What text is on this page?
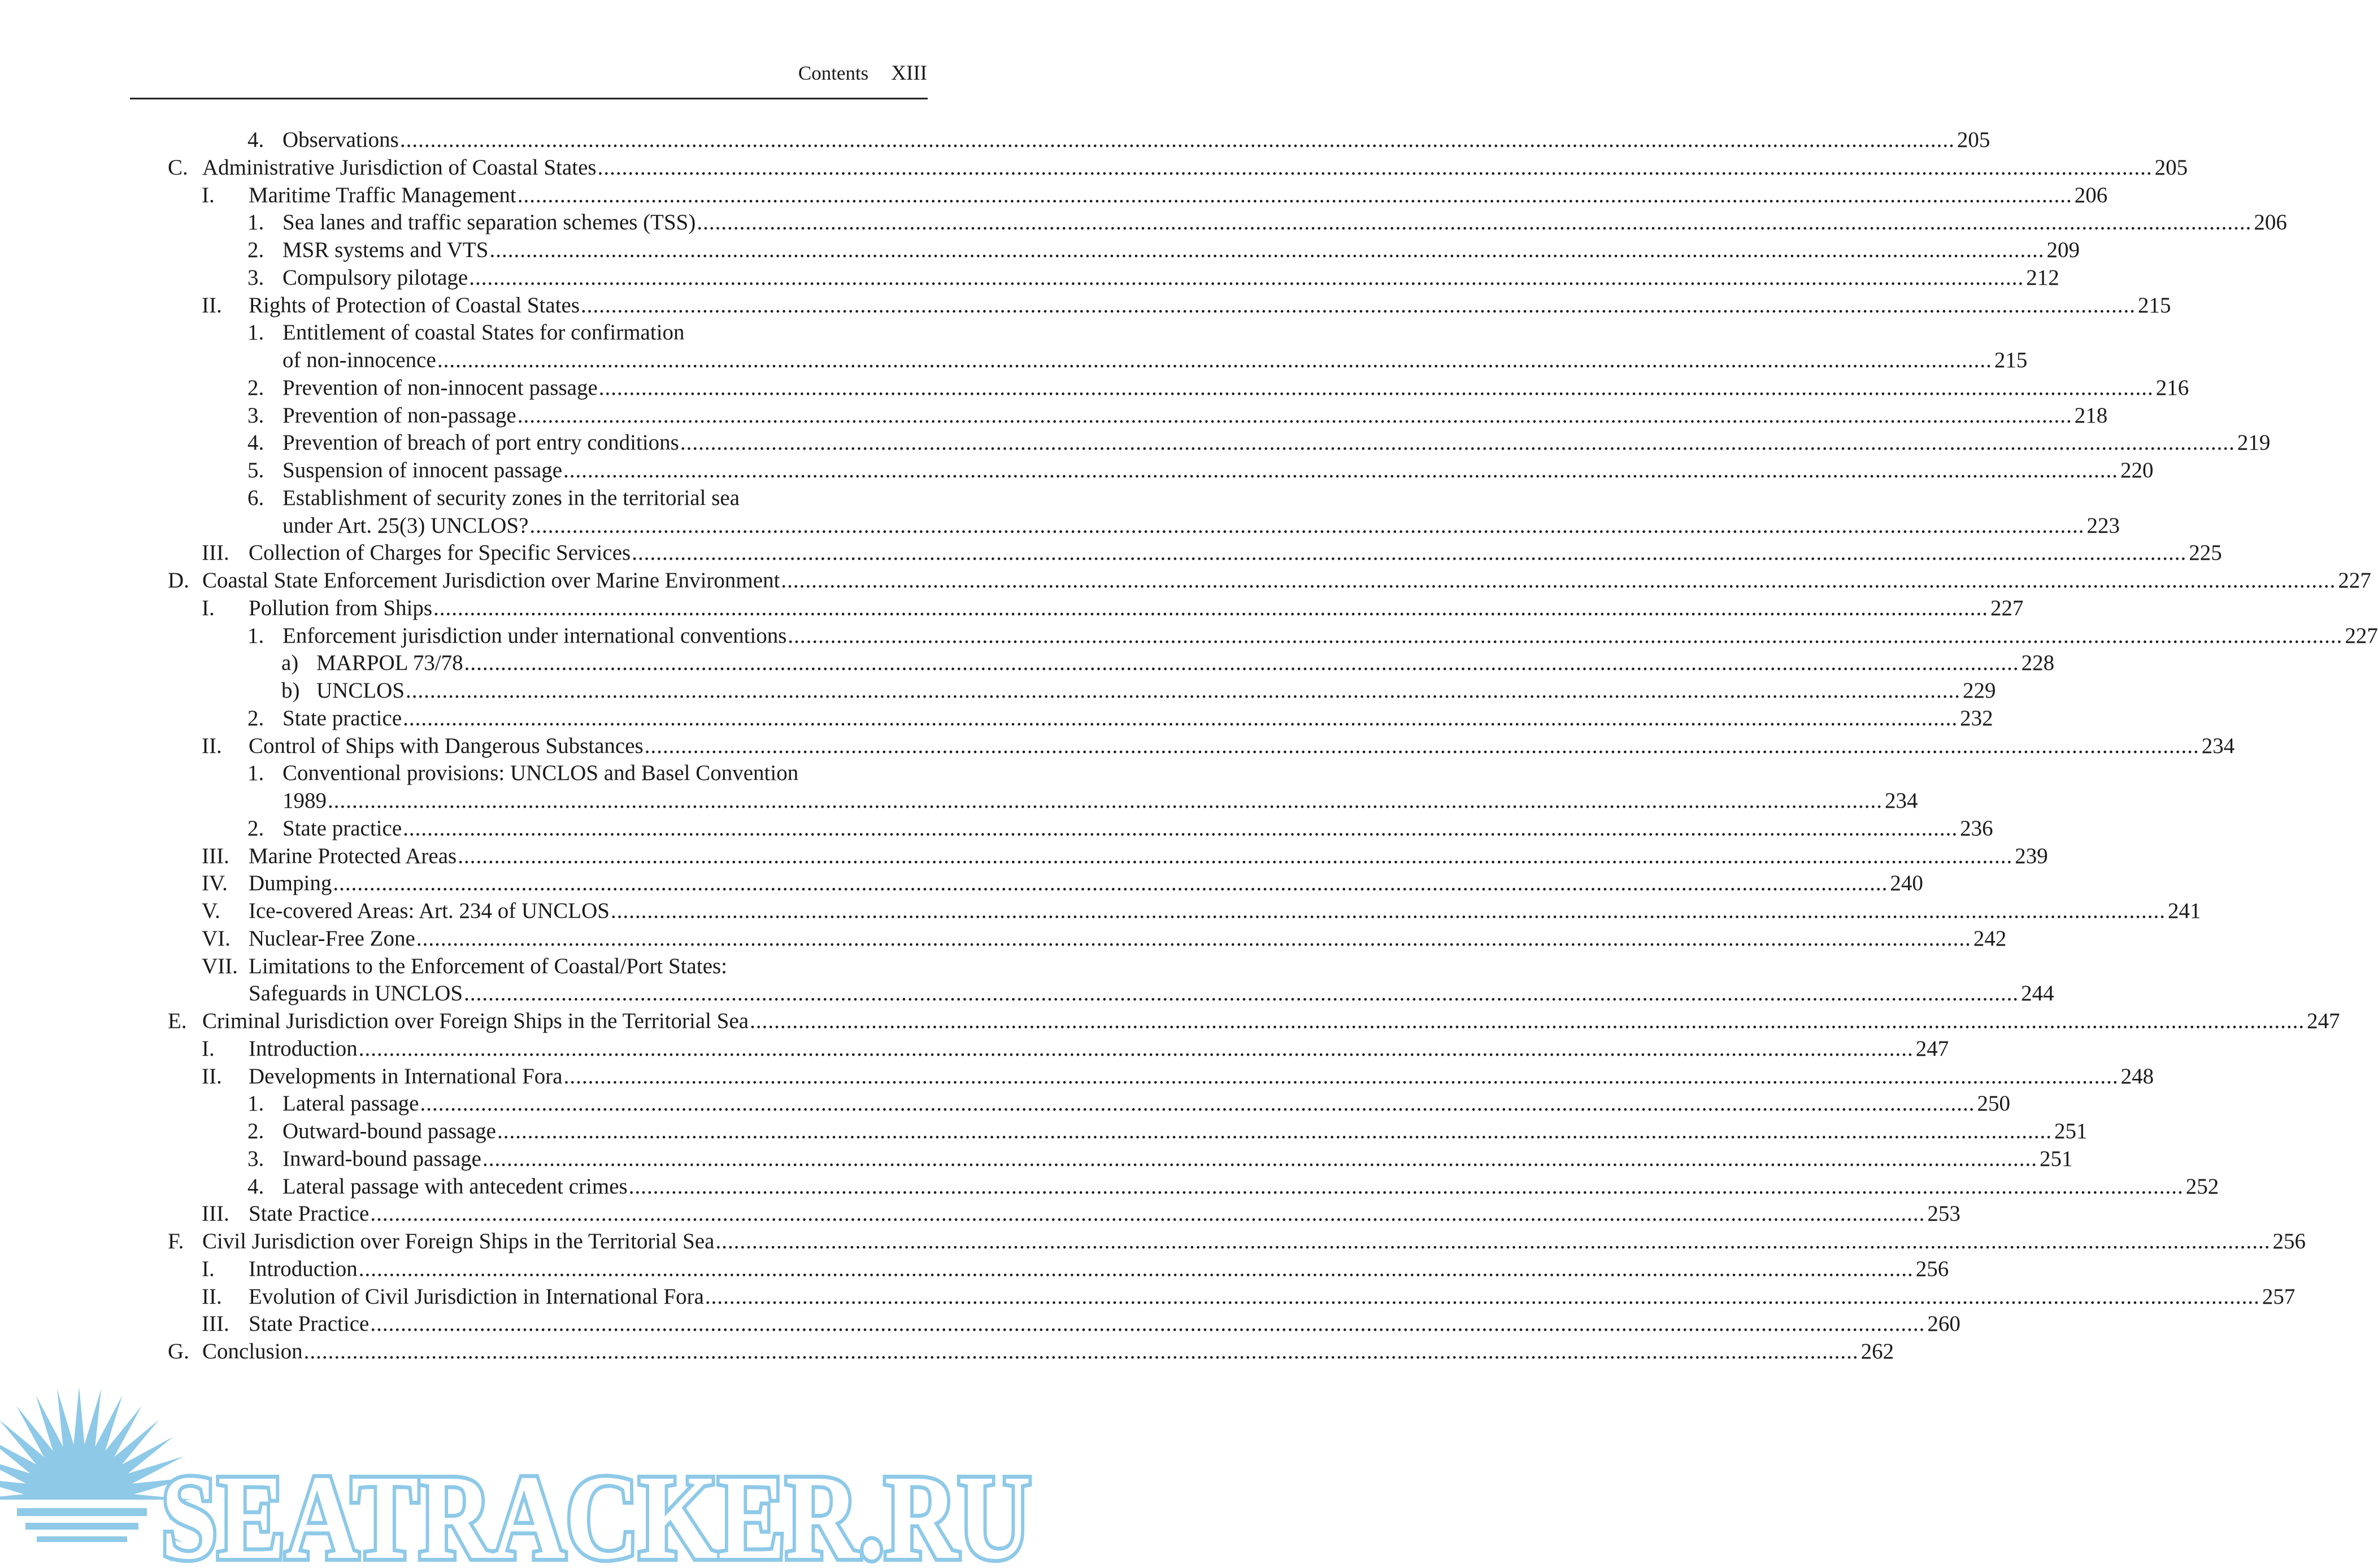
Contents XIII
4. Observations .....	205
C. Administrative Jurisdiction of Coastal States .....	205
I. Maritime Traffic Management .....	206
1. Sea lanes and traffic separation schemes (TSS) .....	206
2. MSR systems and VTS .....	209
3. Compulsory pilotage .....	212
II. Rights of Protection of Coastal States .....	215
1. Entitlement of coastal States for confirmation
of non-innocence .....	215
2. Prevention of non-innocent passage .....	216
3. Prevention of non-passage .....	218
4. Prevention of breach of port entry conditions .....	219
5. Suspension of innocent passage .....	220
6. Establishment of security zones in the territorial sea
under Art. 25(3) UNCLOS? .....	223
III. Collection of Charges for Specific Services .....	225
D. Coastal State Enforcement Jurisdiction over Marine Environment .....	227
I. Pollution from Ships .....	227
1. Enforcement jurisdiction under international conventions .....	227
a) MARPOL 73/78 .....	228
b) UNCLOS .....	229
2. State practice .....	232
II. Control of Ships with Dangerous Substances .....	234
1. Conventional provisions: UNCLOS and Basel Convention
1989 .....	234
2. State practice .....	236
III. Marine Protected Areas .....	239
IV. Dumping .....	240
V. Ice-covered Areas: Art. 234 of UNCLOS .....	241
VI. Nuclear-Free Zone .....	242
VII. Limitations to the Enforcement of Coastal/Port States:
Safeguards in UNCLOS .....	244
E. Criminal Jurisdiction over Foreign Ships in the Territorial Sea .....	247
I. Introduction .....	247
II. Developments in International Fora .....	248
1. Lateral passage .....	250
2. Outward-bound passage .....	251
3. Inward-bound passage .....	251
4. Lateral passage with antecedent crimes .....	252
III. State Practice .....	253
F. Civil Jurisdiction over Foreign Ships in the Territorial Sea .....	256
I. Introduction .....	256
II. Evolution of Civil Jurisdiction in International Fora .....	257
III. State Practice .....	260
G. Conclusion .....	262
SEATRACKER.RU
